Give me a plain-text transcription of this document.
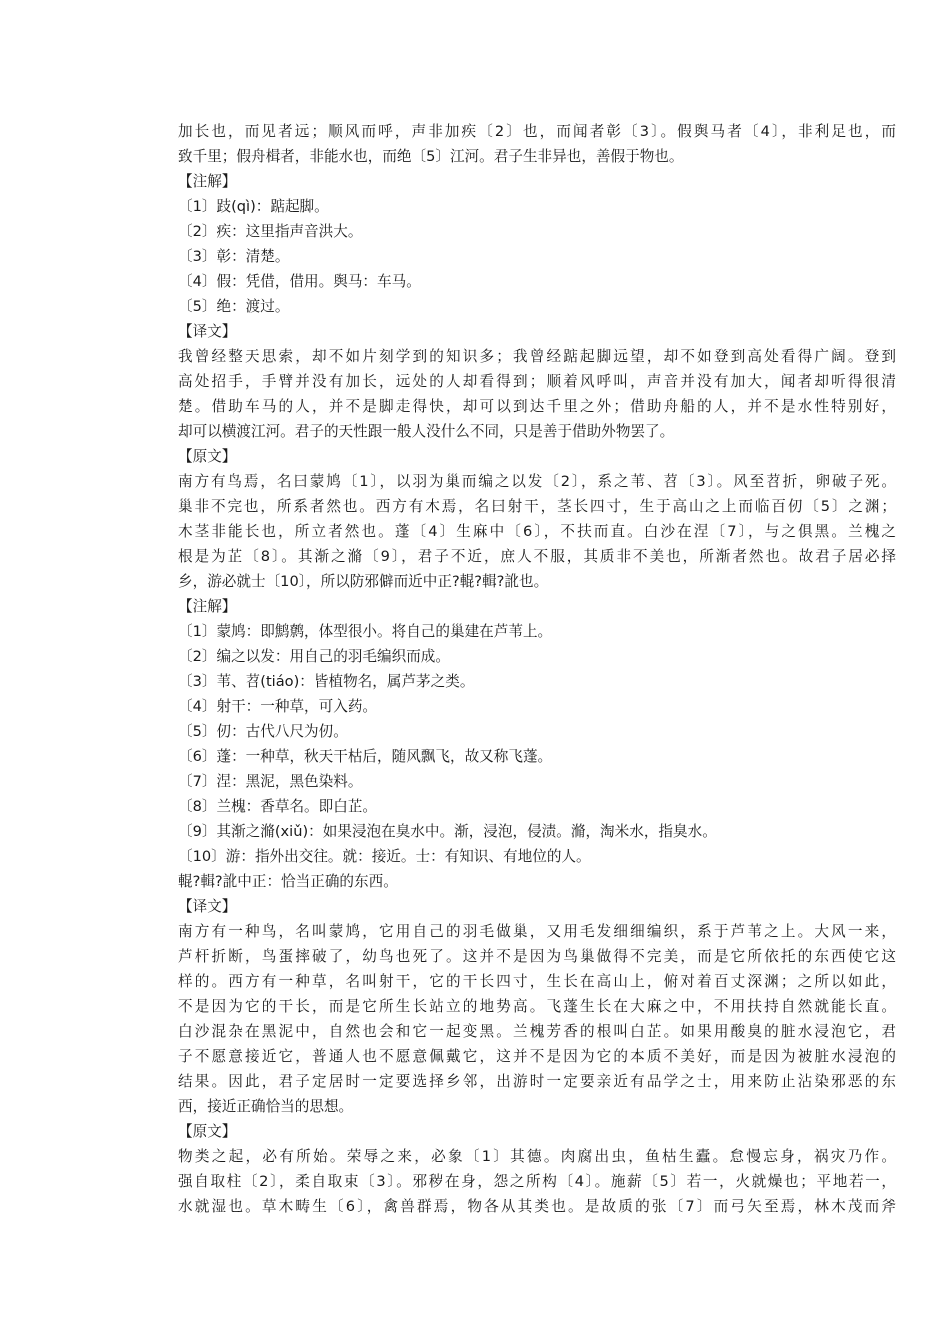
加长也，而见者远；顺风而呼，声非加疾〔2〕也，而闻者彰〔3〕。假舆马者〔4〕，非利足也，而
致千里；假舟楫者，非能水也，而绝〔5〕江河。君子生非异也，善假于物也。
【注解】
〔1〕跂(qì)：踮起脚。
〔2〕疾：这里指声音洪大。
〔3〕彰：清楚。
〔4〕假：凭借，借用。舆马：车马。
〔5〕绝：渡过。
【译文】
我曾经整天思索，却不如片刻学到的知识多；我曾经踮起脚远望，却不如登到高处看得广阔。登到
高处招手，手臂并没有加长，远处的人却看得到；顺着风呼叫，声音并没有加大，闻者却听得很清
楚。借助车马的人，并不是脚走得快，却可以到达千里之外；借助舟船的人，并不是水性特别好，
却可以横渡江河。君子的天性跟一般人没什么不同，只是善于借助外物罢了。
【原文】
南方有鸟焉，名曰蒙鸠〔1〕，以羽为巢而编之以发〔2〕，系之苇、苕〔3〕。风至苕折，卵破子死。
巢非不完也，所系者然也。西方有木焉，名曰射干，茎长四寸，生于高山之上而临百仞〔5〕之渊；
木茎非能长也，所立者然也。蓬〔4〕生麻中〔6〕，不扶而直。白沙在涅〔7〕，与之俱黑。兰槐之
根是为芷〔8〕。其渐之滫〔9〕，君子不近，庶人不服，其质非不美也，所渐者然也。故君子居必择
乡，游必就士〔10〕，所以防邪僻而近中正?輥?輯?訛也。
【注解】
〔1〕蒙鸠：即鹪鹩，体型很小。将自己的巢建在芦苇上。
〔2〕编之以发：用自己的羽毛编织而成。
〔3〕苇、苕(tiáo)：皆植物名，属芦茅之类。
〔4〕射干：一种草，可入药。
〔5〕仞：古代八尺为仞。
〔6〕蓬：一种草，秋天干枯后，随风飘飞，故又称飞蓬。
〔7〕涅：黑泥，黑色染料。
〔8〕兰槐：香草名。即白芷。
〔9〕其渐之滫(xiǔ)：如果浸泡在臭水中。渐，浸泡，侵渍。滫，淘米水，指臭水。
〔10〕游：指外出交往。就：接近。士：有知识、有地位的人。
輥?輯?訛中正：恰当正确的东西。
【译文】
南方有一种鸟，名叫蒙鸠，它用自己的羽毛做巢，又用毛发细细编织，系于芦苇之上。大风一来，
芦杆折断，鸟蛋摔破了，幼鸟也死了。这并不是因为鸟巢做得不完美，而是它所依托的东西使它这
样的。西方有一种草，名叫射干，它的干长四寸，生长在高山上，俯对着百丈深渊；之所以如此，
不是因为它的干长，而是它所生长站立的地势高。飞蓬生长在大麻之中，不用扶持自然就能长直。
白沙混杂在黑泥中，自然也会和它一起变黑。兰槐芳香的根叫白芷。如果用酸臭的脏水浸泡它，君
子不愿意接近它，普通人也不愿意佩戴它，这并不是因为它的本质不美好，而是因为被脏水浸泡的
结果。因此，君子定居时一定要选择乡邻，出游时一定要亲近有品学之士，用来防止沾染邪恶的东
西，接近正确恰当的思想。
【原文】
物类之起，必有所始。荣辱之来，必象〔1〕其德。肉腐出虫，鱼枯生蠹。怠慢忘身，祸灾乃作。
强自取柱〔2〕，柔自取束〔3〕。邪秽在身，怨之所构〔4〕。施薪〔5〕若一，火就燥也；平地若一，
水就湿也。草木畴生〔6〕，禽兽群焉，物各从其类也。是故质的张〔7〕而弓矢至焉，林木茂而斧
